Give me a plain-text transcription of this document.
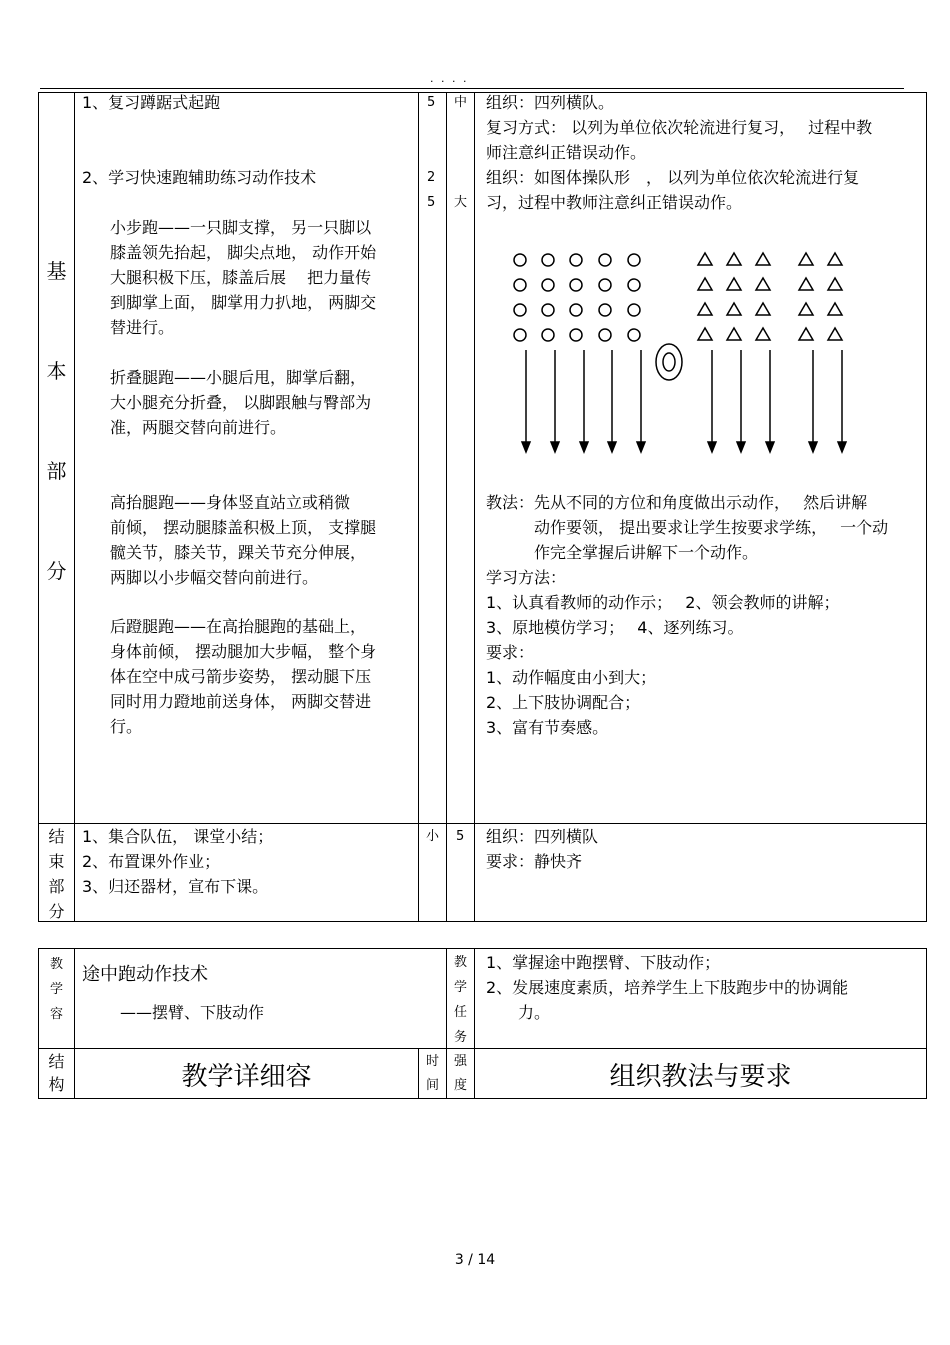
. . . .
基
本
部
分
1、复习蹲踞式起跑
2、学习快速跑辅助练习动作技术
小步跑——一只脚支撑， 另一只脚以
膝盖领先抬起， 脚尖点地， 动作开始
大腿积极下压，膝盖后展　 把力量传
到脚掌上面， 脚掌用力扒地， 两脚交
替进行。
折叠腿跑——小腿后甩，脚掌后翻，
大小腿充分折叠， 以脚跟触与臀部为
准，两腿交替向前进行。
高抬腿跑——身体竖直站立或稍微
前倾， 摆动腿膝盖积极上顶， 支撑腿
髋关节，膝关节，踝关节充分伸展，
两脚以小步幅交替向前进行。
后蹬腿跑——在高抬腿跑的基础上，
身体前倾， 摆动腿加大步幅， 整个身
体在空中成弓箭步姿势， 摆动腿下压
同时用力蹬地前送身体， 两脚交替进
行。
5
2
5
中
大
组织：四列横队。
复习方式： 以列为单位依次轮流进行复习，　 过程中教
师注意纠正错误动作。
组织：如图体操队形　， 以列为单位依次轮流进行复
习，过程中教师注意纠正错误动作。
教法：先从不同的方位和角度做出示动作，　 然后讲解
　　　动作要领， 提出要求让学生按要求学练，　 一个动
　　　作完全掌握后讲解下一个动作。
学习方法：
1、认真看教师的动作示；　 2、领会教师的讲解；
3、原地模仿学习；　 4、逐列练习。
要求：
1、动作幅度由小到大；
2、上下肢协调配合；
3、富有节奏感。
结
束
部
分
1、集合队伍， 课堂小结；
2、布置课外作业；
3、归还器材，宣布下课。
小 5 组织：四列横队
要求：静快齐
教
学
容
途中跑动作技术
——摆臂、下肢动作
教
学
任
务
1、掌握途中跑摆臂、下肢动作；
2、发展速度素质，培养学生上下肢跑步中的协调能
　　力。
结
构	教学详细容
时
间
强
度	组织教法与要求
3 / 14
